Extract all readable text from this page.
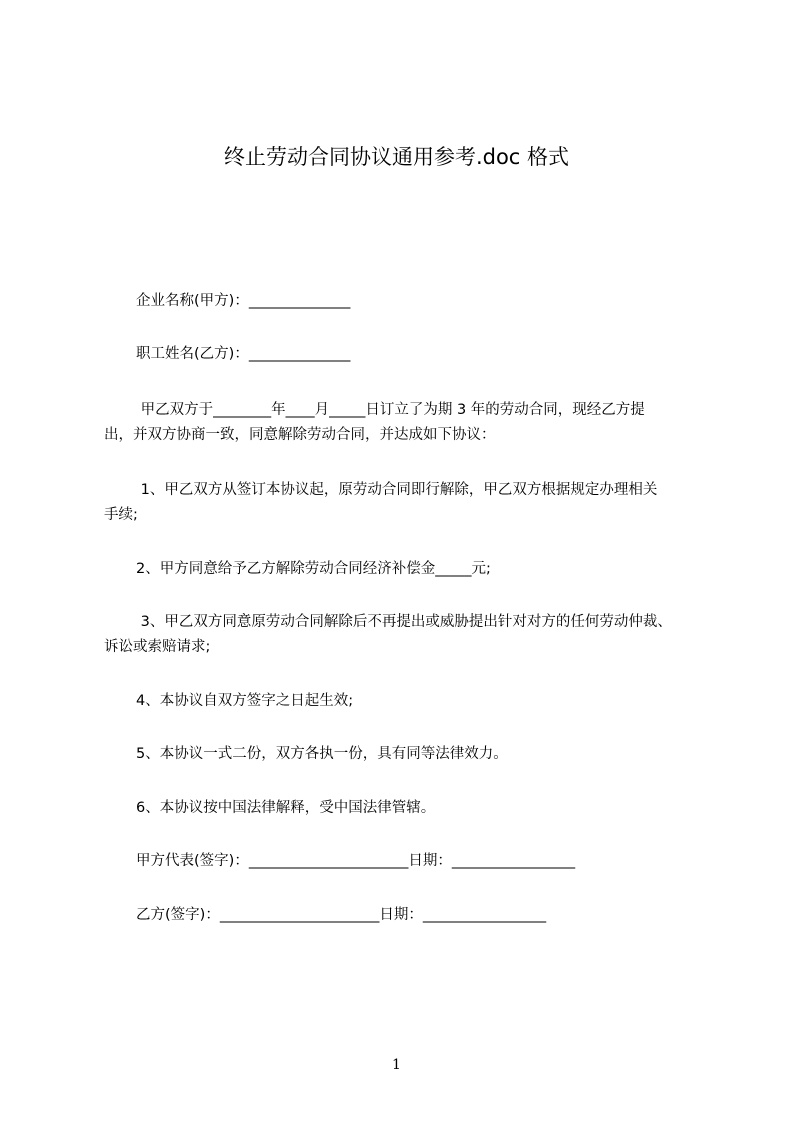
终止劳动合同协议通用参考.doc 格式
企业名称(甲方)：______________
职工姓名(乙方)：______________
甲乙双方于________年____月_____日订立了为期 3 年的劳动合同，现经乙方提
出，并双方协商一致，同意解除劳动合同，并达成如下协议：
1、甲乙双方从签订本协议起，原劳动合同即行解除，甲乙双方根据规定办理相关
手续;
2、甲方同意给予乙方解除劳动合同经济补偿金_____元;
3、甲乙双方同意原劳动合同解除后不再提出或威胁提出针对对方的任何劳动仲裁、
诉讼或索赔请求;
4、本协议自双方签字之日起生效;
5、本协议一式二份，双方各执一份，具有同等法律效力。
6、本协议按中国法律解释，受中国法律管辖。
甲方代表(签字)：______________________日期：_________________
乙方(签字)：______________________日期：_________________
1
